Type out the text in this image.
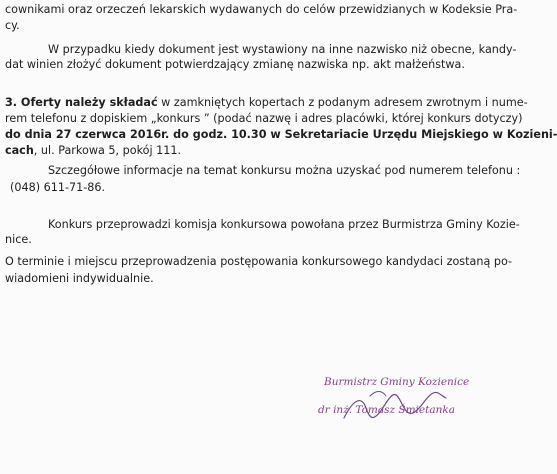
cownikami oraz orzeczeń lekarskich wydawanych do celów przewidzianych w Kodeksie Pra-
cy.
W przypadku kiedy dokument jest wystawiony na inne nazwisko niż obecne, kandy-
dat winien złożyć dokument potwierdzający zmianę nazwiska np. akt małżeństwa.
3. Oferty należy składać w zamkniętych kopertach z podanym adresem zwrotnym i nume-
rem telefonu z dopiskiem „konkurs ” (podać nazwę i adres placówki, której konkurs dotyczy)
do dnia 27 czerwca 2016r. do godz. 10.30 w Sekretariacie Urzędu Miejskiego w Kozieni-
cach, ul. Parkowa 5, pokój 111.
Szczegółowe informacje na temat konkursu można uzyskać pod numerem telefonu :
(048) 611-71-86.
Konkurs przeprowadzi komisja konkursowa powołana przez Burmistrza Gminy Kozie-
nice.
O terminie i miejscu przeprowadzenia postępowania konkursowego kandydaci zostaną po-
wiadomieni indywidualnie.
Burmistrz Gminy Kozienice
dr inż. Tomasz Śmietanka
